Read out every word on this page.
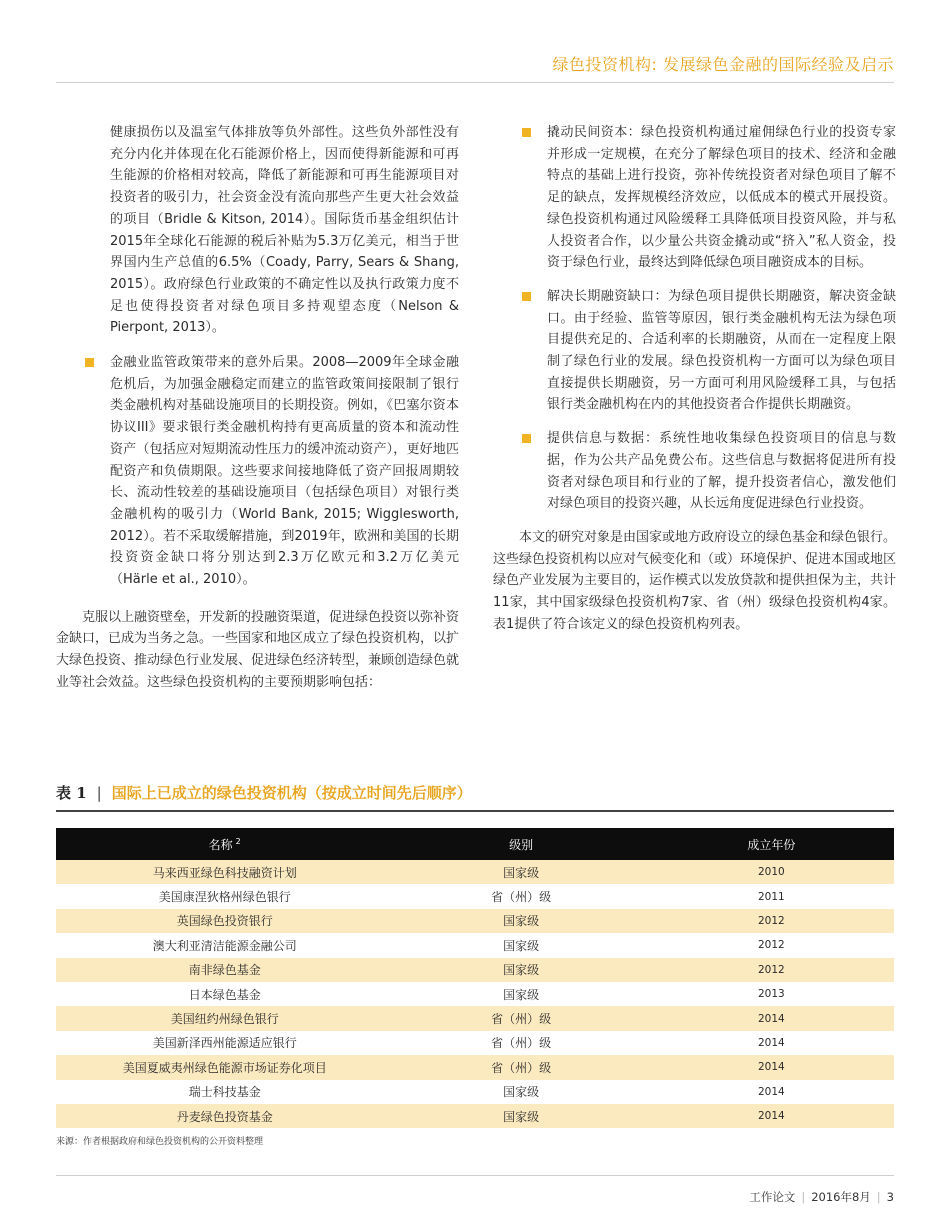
绿色投资机构: 发展绿色金融的国际经验及启示

健康损伤以及温室气体排放等负外部性。这些负外部性没有充分内化并体现在化石能源价格上，因而使得新能源和可再生能源的价格相对较高，降低了新能源和可再生能源项目对投资者的吸引力，社会资金没有流向那些产生更大社会效益的项目（Bridle & Kitson, 2014）。国际货币基金组织估计2015年全球化石能源的税后补贴为5.3万亿美元，相当于世界国内生产总值的6.5%（Coady, Parry, Sears & Shang, 2015）。政府绿色行业政策的不确定性以及执行政策力度不足也使得投资者对绿色项目多持观望态度（Nelson & Pierpont, 2013）。

金融业监管政策带来的意外后果。2008—2009年全球金融危机后，为加强金融稳定而建立的监管政策间接限制了银行类金融机构对基础设施项目的长期投资。例如，《巴塞尔资本协议III》要求银行类金融机构持有更高质量的资本和流动性资产（包括应对短期流动性压力的缓冲流动资产），更好地匹配资产和负债期限。这些要求间接地降低了资产回报周期较长、流动性较差的基础设施项目（包括绿色项目）对银行类金融机构的吸引力（World Bank, 2015; Wigglesworth, 2012）。若不采取缓解措施，到2019年，欧洲和美国的长期投资资金缺口将分别达到2.3万亿欧元和3.2万亿美元（Härle et al., 2010）。

克服以上融资壁垒，开发新的投融资渠道，促进绿色投资以弥补资金缺口，已成为当务之急。一些国家和地区成立了绿色投资机构，以扩大绿色投资、推动绿色行业发展、促进绿色经济转型，兼顾创造绿色就业等社会效益。这些绿色投资机构的主要预期影响包括：

撬动民间资本：绿色投资机构通过雇佣绿色行业的投资专家并形成一定规模，在充分了解绿色项目的技术、经济和金融特点的基础上进行投资，弥补传统投资者对绿色项目了解不足的缺点，发挥规模经济效应，以低成本的模式开展投资。绿色投资机构通过风险缓释工具降低项目投资风险，并与私人投资者合作，以少量公共资金撬动或“挤入”私人资金，投资于绿色行业，最终达到降低绿色项目融资成本的目标。

解决长期融资缺口：为绿色项目提供长期融资，解决资金缺口。由于经验、监管等原因，银行类金融机构无法为绿色项目提供充足的、合适利率的长期融资，从而在一定程度上限制了绿色行业的发展。绿色投资机构一方面可以为绿色项目直接提供长期融资，另一方面可利用风险缓释工具，与包括银行类金融机构在内的其他投资者合作提供长期融资。

提供信息与数据：系统性地收集绿色投资项目的信息与数据，作为公共产品免费公布。这些信息与数据将促进所有投资者对绿色项目和行业的了解，提升投资者信心，激发他们对绿色项目的投资兴趣，从长远角度促进绿色行业投资。

本文的研究对象是由国家或地方政府设立的绿色基金和绿色银行。这些绿色投资机构以应对气候变化和（或）环境保护、促进本国或地区绿色产业发展为主要目的，运作模式以发放贷款和提供担保为主，共计11家，其中国家级绿色投资机构7家、省（州）级绿色投资机构4家。表1提供了符合该定义的绿色投资机构列表。

表 1 | 国际上已成立的绿色投资机构（按成立时间先后顺序）
名称 $^2$	级别	成立年份
马来西亚绿色科技融资计划	国家级	2010
美国康涅狄格州绿色银行	省（州）级	2011
英国绿色投资银行	国家级	2012
澳大利亚清洁能源金融公司	国家级	2012
南非绿色基金	国家级	2012
日本绿色基金	国家级	2013
美国纽约州绿色银行	省（州）级	2014
美国新泽西州能源适应银行	省（州）级	2014
美国夏威夷州绿色能源市场证券化项目	省（州）级	2014
瑞士科技基金	国家级	2014
丹麦绿色投资基金	国家级	2014
来源：作者根据政府和绿色投资机构的公开资料整理
工作论文 | 2016年8月 | 3
